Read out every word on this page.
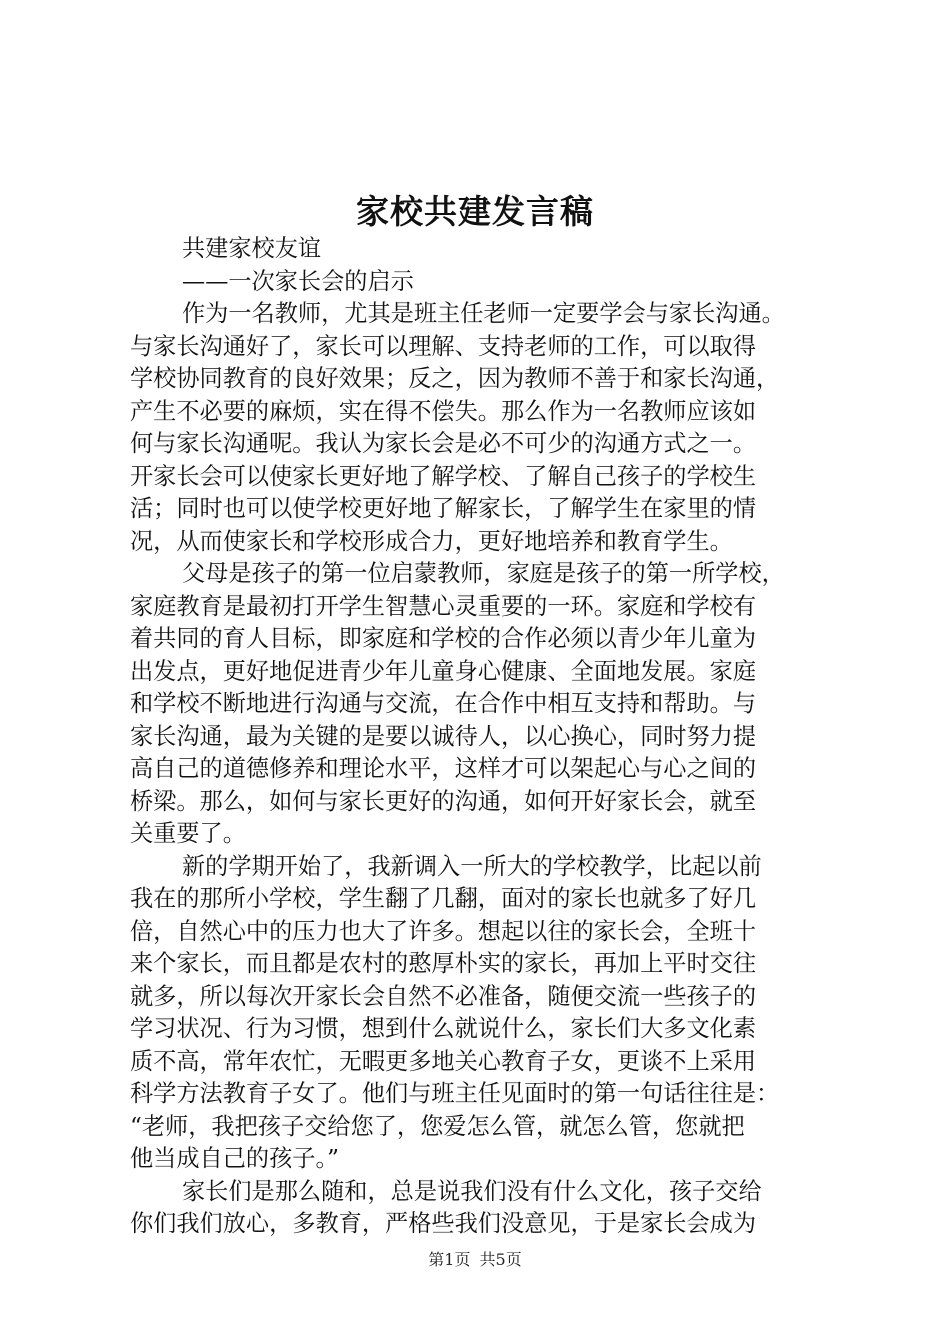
家校共建发言稿
共建家校友谊
——一次家长会的启示
作为一名教师，尤其是班主任老师一定要学会与家长沟通。
与家长沟通好了，家长可以理解、支持老师的工作，可以取得
学校协同教育的良好效果；反之，因为教师不善于和家长沟通，
产生不必要的麻烦，实在得不偿失。那么作为一名教师应该如
何与家长沟通呢。我认为家长会是必不可少的沟通方式之一。
开家长会可以使家长更好地了解学校、了解自己孩子的学校生
活；同时也可以使学校更好地了解家长，了解学生在家里的情
况，从而使家长和学校形成合力，更好地培养和教育学生。
父母是孩子的第一位启蒙教师，家庭是孩子的第一所学校，
家庭教育是最初打开学生智慧心灵重要的一环。家庭和学校有
着共同的育人目标，即家庭和学校的合作必须以青少年儿童为
出发点，更好地促进青少年儿童身心健康、全面地发展。家庭
和学校不断地进行沟通与交流，在合作中相互支持和帮助。与
家长沟通，最为关键的是要以诚待人，以心换心，同时努力提
高自己的道德修养和理论水平，这样才可以架起心与心之间的
桥梁。那么，如何与家长更好的沟通，如何开好家长会，就至
关重要了。
新的学期开始了，我新调入一所大的学校教学，比起以前
我在的那所小学校，学生翻了几翻，面对的家长也就多了好几
倍，自然心中的压力也大了许多。想起以往的家长会，全班十
来个家长，而且都是农村的憨厚朴实的家长，再加上平时交往
就多，所以每次开家长会自然不必准备，随便交流一些孩子的
学习状况、行为习惯，想到什么就说什么，家长们大多文化素
质不高，常年农忙，无暇更多地关心教育子女，更谈不上采用
科学方法教育子女了。他们与班主任见面时的第一句话往往是：
“老师，我把孩子交给您了，您爱怎么管，就怎么管，您就把
他当成自己的孩子。”
家长们是那么随和，总是说我们没有什么文化，孩子交给
你们我们放心，多教育，严格些我们没意见，于是家长会成为
第1页 共5页
